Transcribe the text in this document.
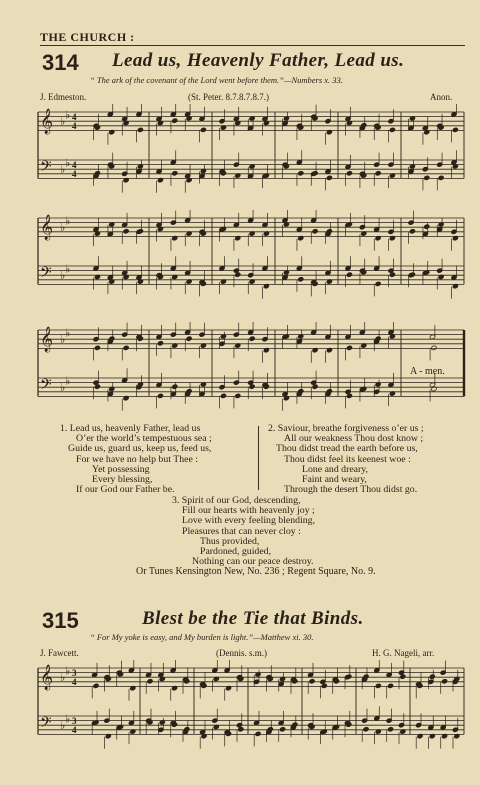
THE CHURCH :
314 Lead us, Heavenly Father, Lead us.
“ The ark of the covenant of the Lord went before them.”—Numbers x. 33.
J. Edmeston.	(St. Peter. 8.7.8.7.8.7.)	Anon.
𝄞
𝄢
♭
♭
♭
♭
4
4
4
4
𝄞
𝄢
♭
♭
♭
♭
𝄞
𝄢
♭
♭
♭
♭
A - men.
1. Lead us, heavenly Father, lead us
O’er the world’s tempestuous sea ;
Guide us, guard us, keep us, feed us,
For we have no help but Thee :
Yet possessing
Every blessing,
If our God our Father be.
2. Saviour, breathe forgiveness o’er us ;
All our weakness Thou dost know ;
Thou didst tread the earth before us,
Thou didst feel its keenest woe :
Lone and dreary,
Faint and weary,
Through the desert Thou didst go.
3. Spirit of our God, descending,
Fill our hearts with heavenly joy ;
Love with every feeling blending,
Pleasures that can never cloy :
Thus provided,
Pardoned, guided,
Nothing can our peace destroy.
Or Tunes Kensington New, No. 236 ; Regent Square, No. 9.
315	Blest be the Tie that Binds.
“ For My yoke is easy, and My burden is light.”—Matthew xi. 30.
J. Fawcett.	(Dennis. s.m.)	H. G. Nageli, arr.
𝄞
𝄢
♭
♭
♭
♭
3
4
3
4
